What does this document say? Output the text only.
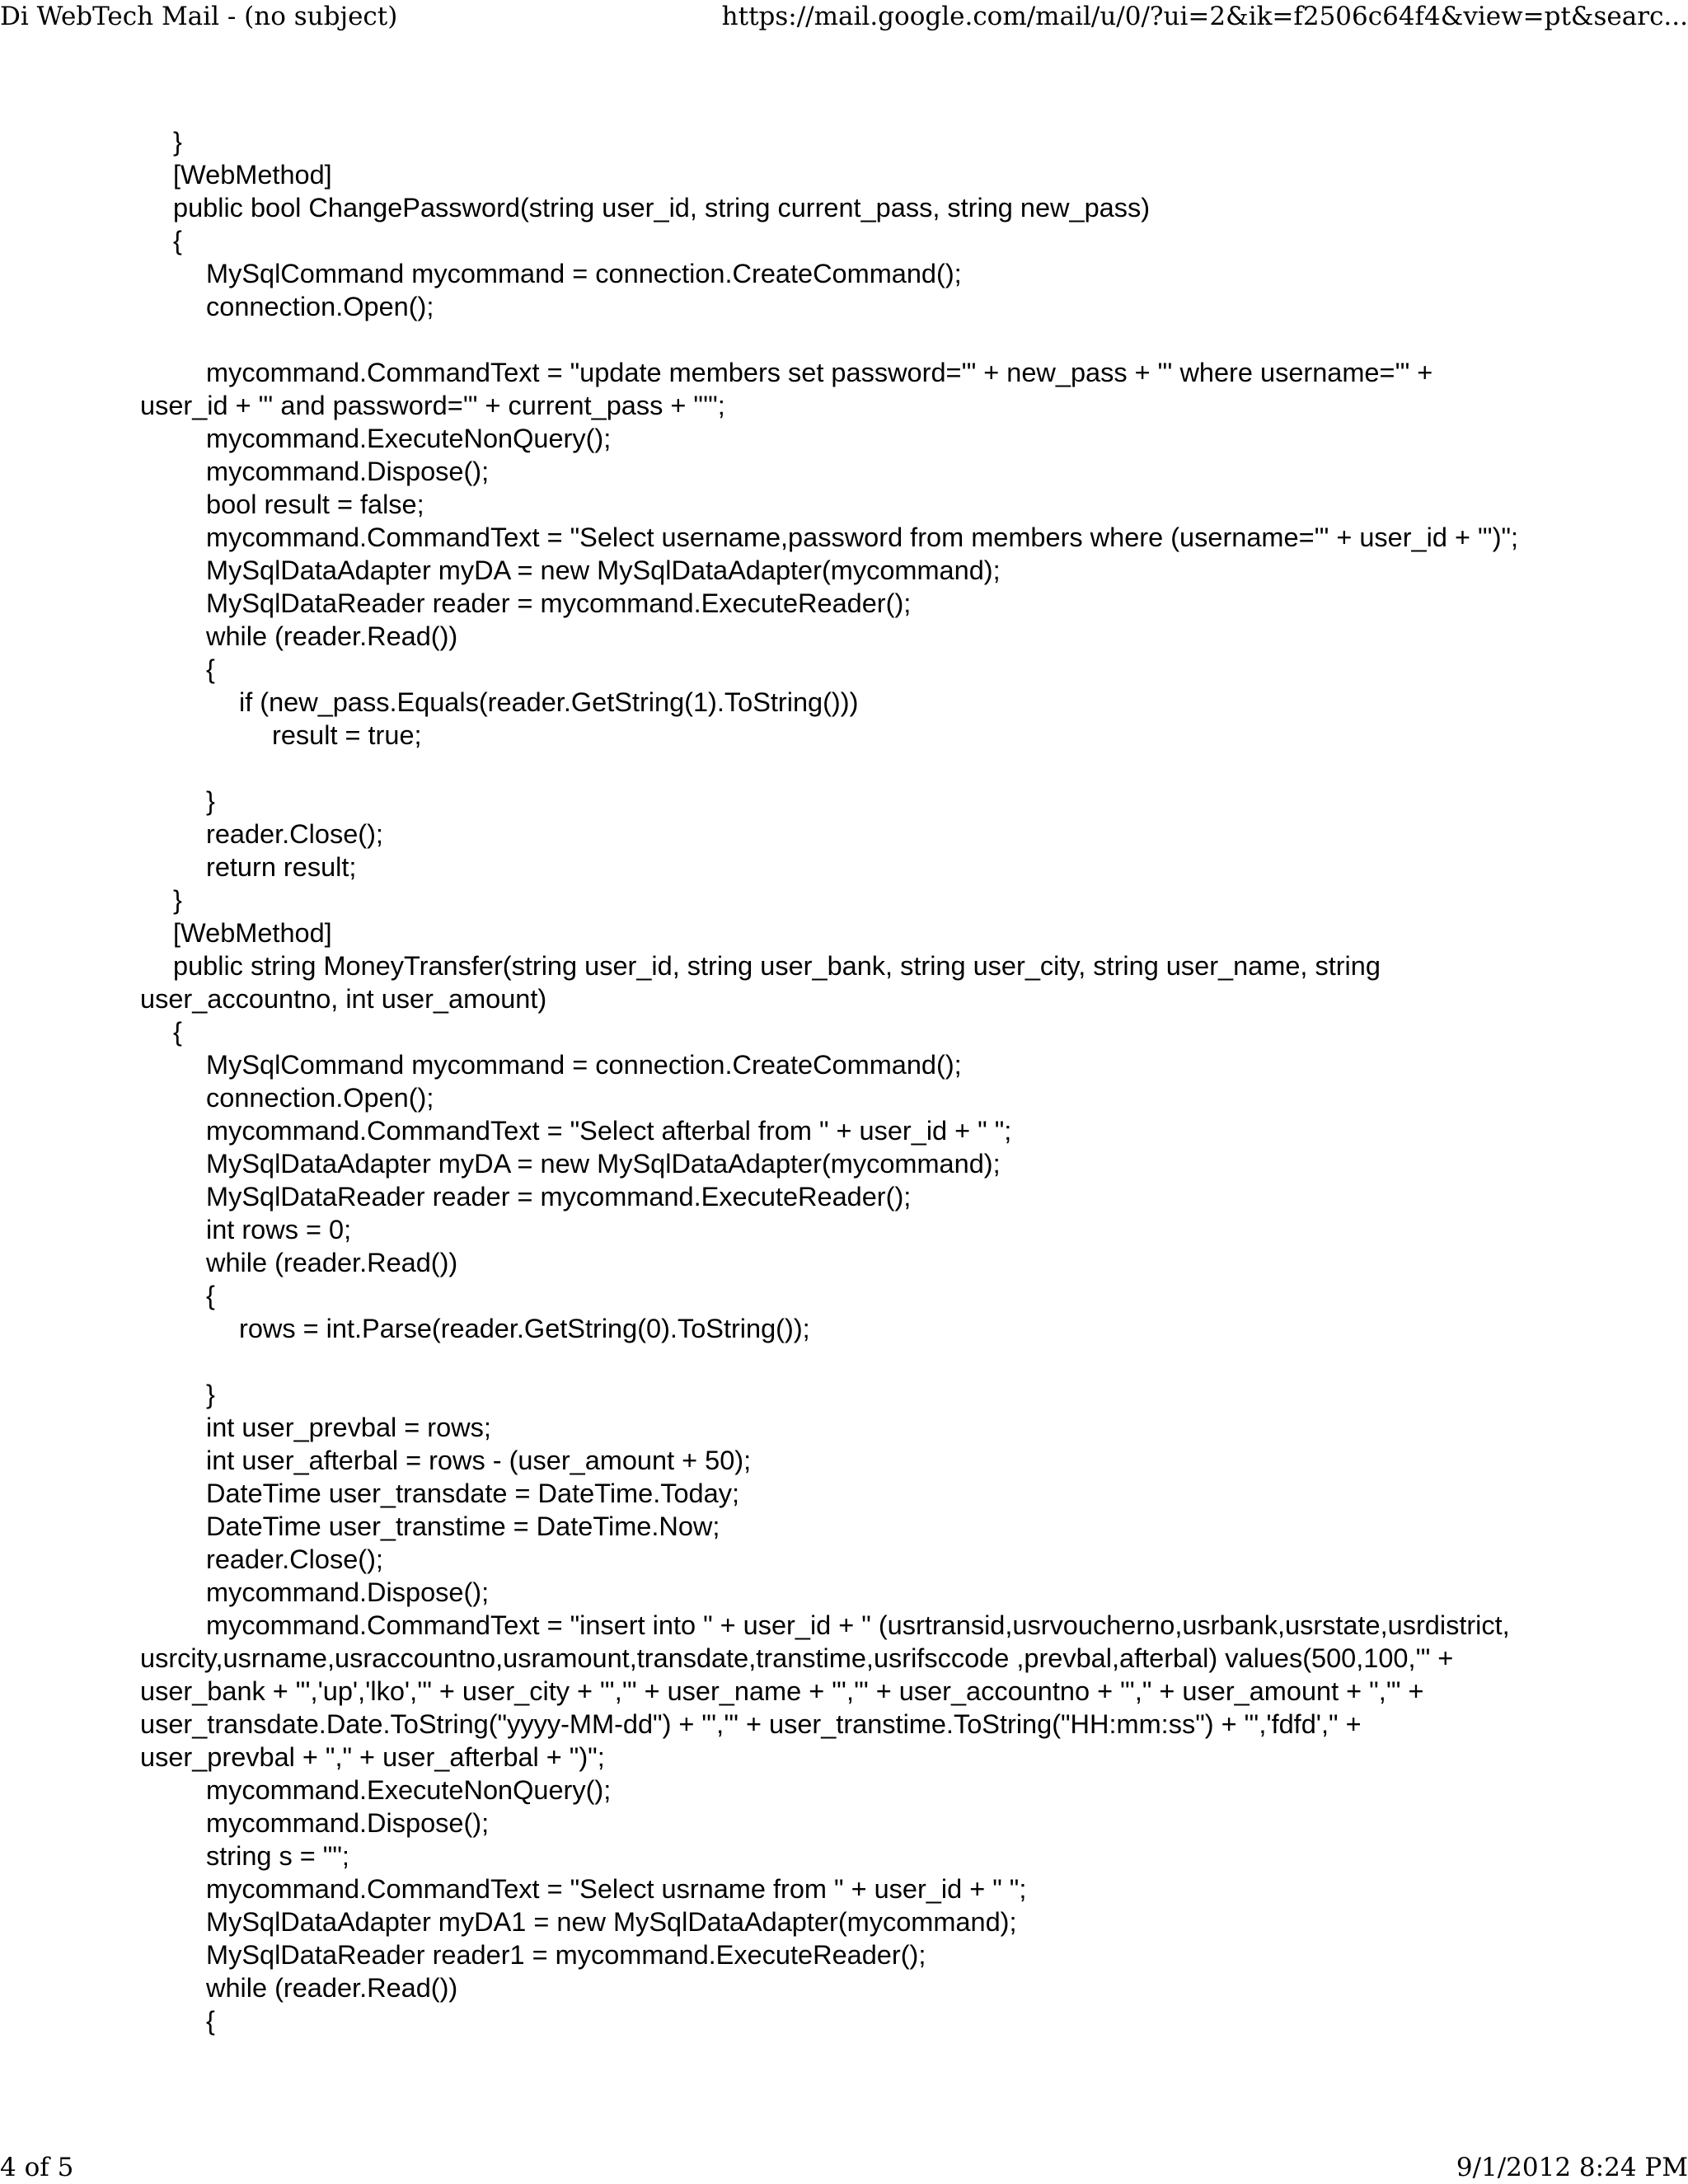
Di WebTech Mail - (no subject)	https://mail.google.com/mail/u/0/?ui=2&ik=f2506c64f4&view=pt&searc...
}
[WebMethod]
public bool ChangePassword(string user_id, string current_pass, string new_pass)
{
MySqlCommand mycommand = connection.CreateCommand();
connection.Open();
mycommand.CommandText = "update members set password='" + new_pass + "' where username='" +
user_id + "' and password='" + current_pass + "'";
mycommand.ExecuteNonQuery();
mycommand.Dispose();
bool result = false;
mycommand.CommandText = "Select username,password from members where (username='" + user_id + "')";
MySqlDataAdapter myDA = new MySqlDataAdapter(mycommand);
MySqlDataReader reader = mycommand.ExecuteReader();
while (reader.Read())
{
if (new_pass.Equals(reader.GetString(1).ToString()))
result = true;
}
reader.Close();
return result;
}
[WebMethod]
public string MoneyTransfer(string user_id, string user_bank, string user_city, string user_name, string
user_accountno, int user_amount)
{
MySqlCommand mycommand = connection.CreateCommand();
connection.Open();
mycommand.CommandText = "Select afterbal from " + user_id + " ";
MySqlDataAdapter myDA = new MySqlDataAdapter(mycommand);
MySqlDataReader reader = mycommand.ExecuteReader();
int rows = 0;
while (reader.Read())
{
rows = int.Parse(reader.GetString(0).ToString());
}
int user_prevbal = rows;
int user_afterbal = rows - (user_amount + 50);
DateTime user_transdate = DateTime.Today;
DateTime user_transtime = DateTime.Now;
reader.Close();
mycommand.Dispose();
mycommand.CommandText = "insert into " + user_id + " (usrtransid,usrvoucherno,usrbank,usrstate,usrdistrict,
usrcity,usrname,usraccountno,usramount,transdate,transtime,usrifsccode ,prevbal,afterbal) values(500,100,'" +
user_bank + "','up','lko','" + user_city + "','" + user_name + "','" + user_accountno + "'," + user_amount + ",'" +
user_transdate.Date.ToString("yyyy-MM-dd") + "','" + user_transtime.ToString("HH:mm:ss") + "','fdfd'," +
user_prevbal + "," + user_afterbal + ")";
mycommand.ExecuteNonQuery();
mycommand.Dispose();
string s = "";
mycommand.CommandText = "Select usrname from " + user_id + " ";
MySqlDataAdapter myDA1 = new MySqlDataAdapter(mycommand);
MySqlDataReader reader1 = mycommand.ExecuteReader();
while (reader.Read())
{
4 of 5	9/1/2012 8:24 PM
